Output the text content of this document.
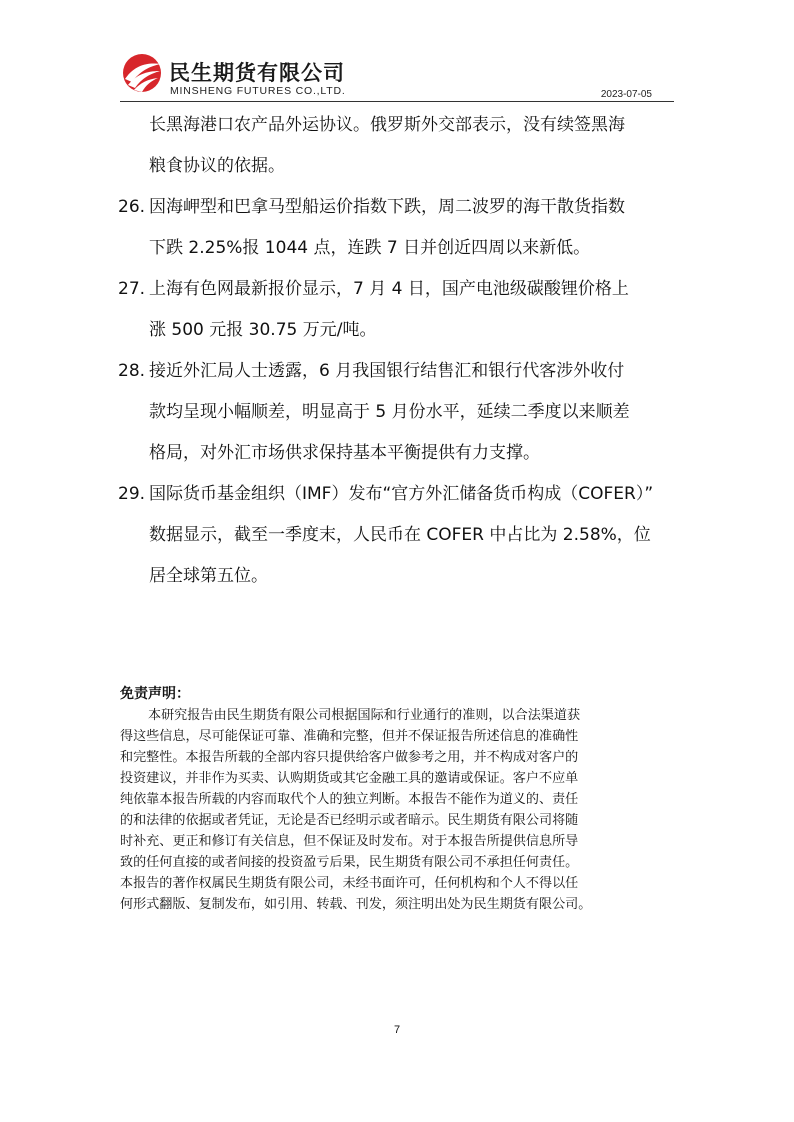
民生期货有限公司
MINSHENG FUTURES CO.,LTD.	2023-07-05
长黑海港口农产品外运协议。俄罗斯外交部表示，没有续签黑海
粮食协议的依据。
26. 因海岬型和巴拿马型船运价指数下跌，周二波罗的海干散货指数
下跌 2.25%报 1044 点，连跌 7 日并创近四周以来新低。
27. 上海有色网最新报价显示，7 月 4 日，国产电池级碳酸锂价格上
涨 500 元报 30.75 万元/吨。
28. 接近外汇局人士透露，6 月我国银行结售汇和银行代客涉外收付
款均呈现小幅顺差，明显高于 5 月份水平，延续二季度以来顺差
格局，对外汇市场供求保持基本平衡提供有力支撑。
29. 国际货币基金组织（IMF）发布“官方外汇储备货币构成（COFER）”
数据显示，截至一季度末，人民币在 COFER 中占比为 2.58%，位
居全球第五位。
免责声明：
本研究报告由民生期货有限公司根据国际和行业通行的准则，以合法渠道获
得这些信息，尽可能保证可靠、准确和完整，但并不保证报告所述信息的准确性
和完整性。本报告所载的全部内容只提供给客户做参考之用，并不构成对客户的
投资建议，并非作为买卖、认购期货或其它金融工具的邀请或保证。客户不应单
纯依靠本报告所载的内容而取代个人的独立判断。本报告不能作为道义的、责任
的和法律的依据或者凭证，无论是否已经明示或者暗示。民生期货有限公司将随
时补充、更正和修订有关信息，但不保证及时发布。对于本报告所提供信息所导
致的任何直接的或者间接的投资盈亏后果，民生期货有限公司不承担任何责任。
本报告的著作权属民生期货有限公司，未经书面许可，任何机构和个人不得以任
何形式翻版、复制发布，如引用、转载、刊发，须注明出处为民生期货有限公司。
7
